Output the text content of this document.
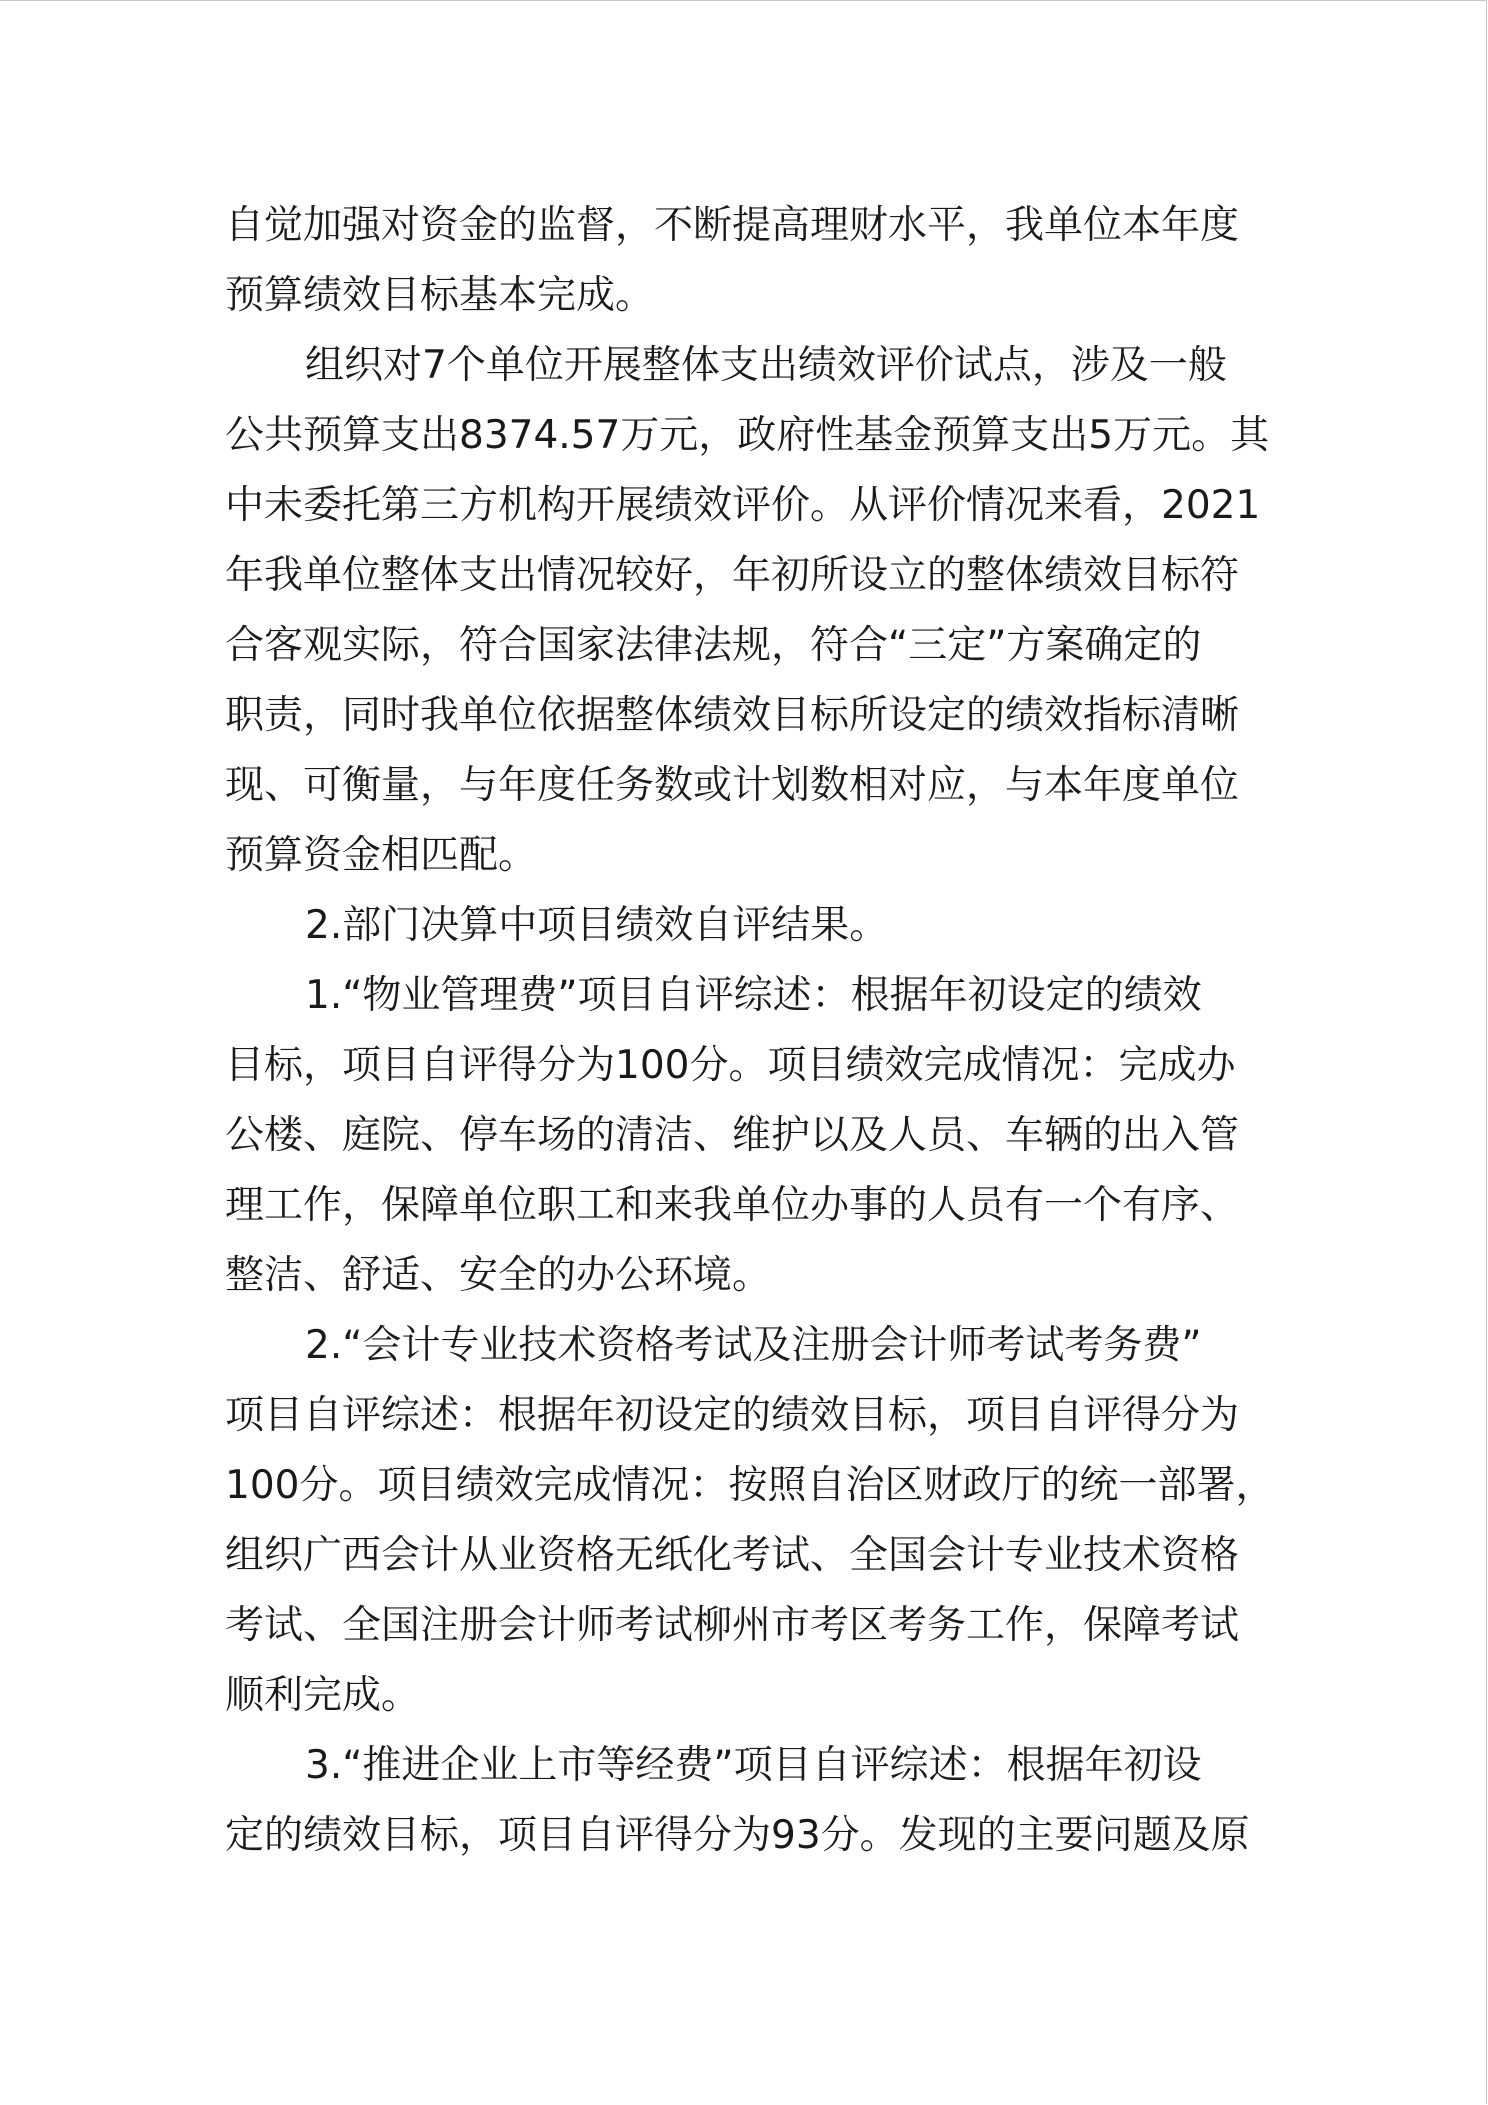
自觉加强对资金的监督，不断提高理财水平，我单位本年度
预算绩效目标基本完成。
组织对7个单位开展整体支出绩效评价试点，涉及一般
公共预算支出8374.57万元，政府性基金预算支出5万元。其
中未委托第三方机构开展绩效评价。从评价情况来看，2021
年我单位整体支出情况较好，年初所设立的整体绩效目标符
合客观实际，符合国家法律法规，符合“三定”方案确定的
职责，同时我单位依据整体绩效目标所设定的绩效指标清晰
现、可衡量，与年度任务数或计划数相对应，与本年度单位
预算资金相匹配。
2.部门决算中项目绩效自评结果。
1.“物业管理费”项目自评综述：根据年初设定的绩效
目标，项目自评得分为100分。项目绩效完成情况：完成办
公楼、庭院、停车场的清洁、维护以及人员、车辆的出入管
理工作，保障单位职工和来我单位办事的人员有一个有序、
整洁、舒适、安全的办公环境。
2.“会计专业技术资格考试及注册会计师考试考务费”
项目自评综述：根据年初设定的绩效目标，项目自评得分为
100分。项目绩效完成情况：按照自治区财政厅的统一部署，
组织广西会计从业资格无纸化考试、全国会计专业技术资格
考试、全国注册会计师考试柳州市考区考务工作，保障考试
顺利完成。
3.“推进企业上市等经费”项目自评综述：根据年初设
定的绩效目标，项目自评得分为93分。发现的主要问题及原
